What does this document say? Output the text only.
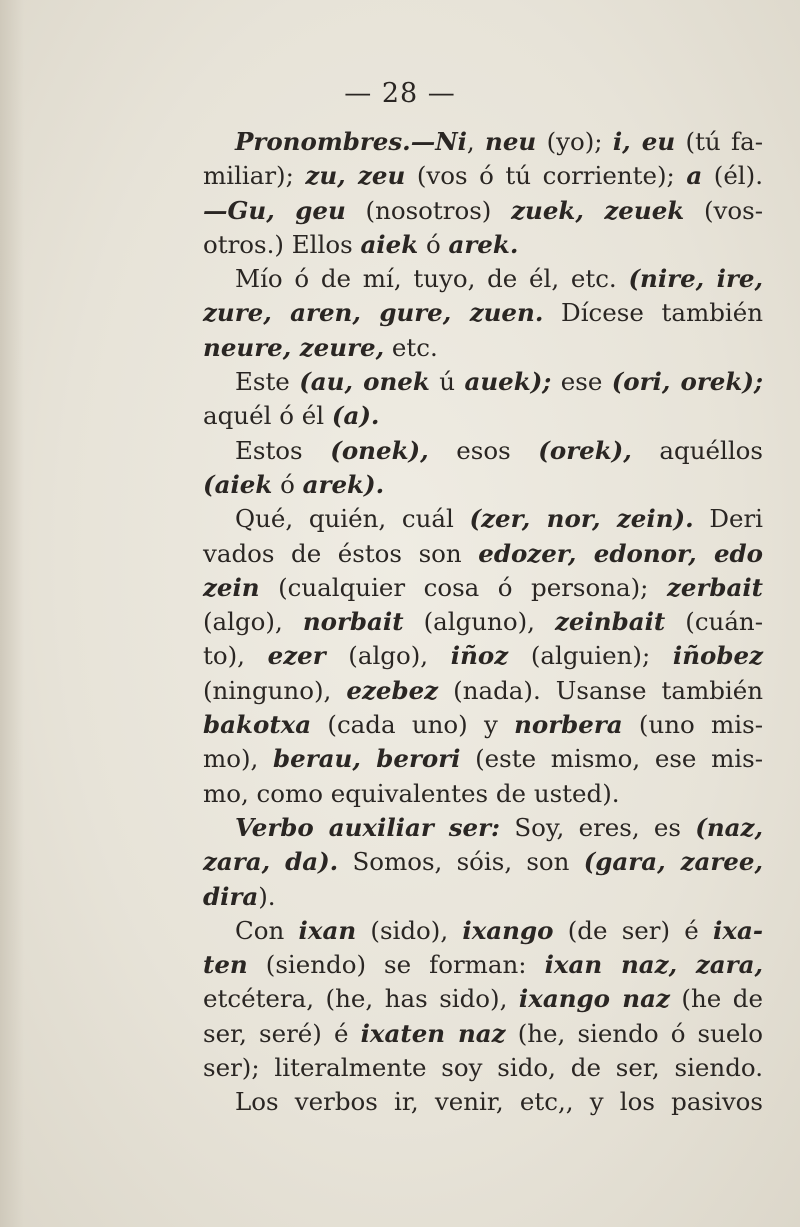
— 28 —
Pronombres.—Ni, neu (yo); i, eu (tú fa-
miliar); zu, zeu (vos ó tú corriente); a (él).
—Gu, geu (nosotros) zuek, zeuek (vos-
otros.) Ellos aiek ó arek.
Mío ó de mí, tuyo, de él, etc. (nire, ire,
zure, aren, gure, zuen. Dícese también
neure, zeure, etc.
Este (au, onek ú auek); ese (ori, orek);
aquél ó él (a).
Estos (onek), esos (orek), aquéllos
(aiek ó arek).
Qué, quién, cuál (zer, nor, zein). Deri
vados de éstos son edozer, edonor, edo
zein (cualquier cosa ó persona); zerbait
(algo), norbait (alguno), zeinbait (cuán-
to), ezer (algo), iñoz (alguien); iñobez
(ninguno), ezebez (nada). Usanse también
bakotxa (cada uno) y norbera (uno mis-
mo), berau, berori (este mismo, ese mis-
mo, como equivalentes de usted).
Verbo auxiliar ser: Soy, eres, es (naz,
zara, da). Somos, sóis, son (gara, zaree,
dira).
Con ixan (sido), ixango (de ser) é ixa-
ten (siendo) se forman: ixan naz, zara,
etcétera, (he, has sido), ixango naz (he de
ser, seré) é ixaten naz (he, siendo ó suelo
ser); literalmente soy sido, de ser, siendo.
Los verbos ir, venir, etc,, y los pasivos
